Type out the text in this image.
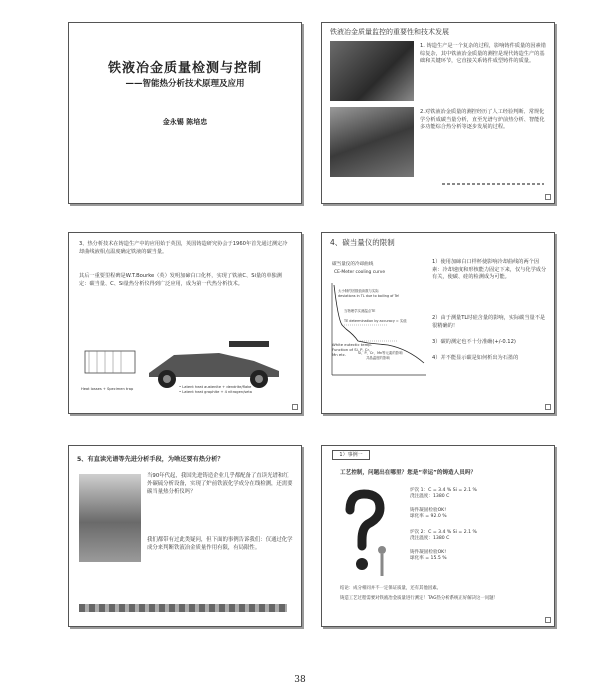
铁液冶金质量检测与控制
——智能热分析技术原理及应用
金永锡 陈培忠
铁液冶金质量监控的重要性和技术发展
1. 铸造生产是一个复杂的过程，影响铸件质量的因素错综复杂，其中铁液冶金质量的测控是现代铸造生产的基础和关键环节，它直接关系铸件成型铸件的质量。
2.对铁液冶金质量的测控经历了人工经验判断、常规化学分析成碳当量分析，直至光谱与炉前热分析、智能化多功能综合热分析等逐步发展的过程。
3、热分析技术在铸造生产中的应用始于英国，英国铸造研究协会于1960年首先通过测定冷却曲线液相点温度确定铁液的碳当量。
其后一重要里程碑是W.T.Bourke（英）发明加碲白口化杯，实现了铁液C、Si量的单独测定：碳当量、C、Si量热分析仪得到广泛应用，成为第一代热分析技术。
Heat losses + Specimen trap	• Latent heat austenite + dendrite/flake
• Latent heat graphite + 4 nitrogen/seta
4、碳当量仪的限制
碳当量仪的冷却曲线
CE-Meter cooling curve
太小制约因数值读数与实际
deviations in TL due to boiling of Te!
当物理学实测温点TE
TE determination by accuracy = 实值
White eutectic temp.
Function of Si, P, Cr,
Mn etc.	Si、P、Cr、Mn等元素的影响
共晶温度的影响
1）使用加碲白口样杯使影响冷却曲线的两个因素：冷却速度和形核能力固定下来，仅与化学成分有关，使碳、硅的检测成为可能。
2）由于测量TL时硅含量的影响，实际碳当量不是很精确的！
3）碳的测定也不十分准确(+/-0.12)
4）并不能显示碳是如何析出为石墨的
5、有直读光谱等先进分析手段，为啥还要有热分析？
当90年代起，我国先进铸造企业几乎都配备了直读光谱和红外碳硫分析设备，实现了炉前铁液化学成分在线检测，还需要碳当量热分析仪吗？
我们都带有过此类疑问，但下面的事例告诉我们：仅通过化学成分来判断铁液冶金质量作用有限，有局限性。
1）事例一
工艺控制，问题出在哪里？您是“幸运”的铸造人员吗？
炉次 1：C = 3.4 % Si = 2.1 %
浇注温度：1380 C
铸件凝固检验OK!
球化率 = 92.0 %
炉次 2：C = 3.4 % Si = 2.1 %
浇注温度：1380 C
铸件凝固检验OK!
球化率 = 15.5 %
结论：成分相同并不一定保证质量，还有其他因素。
铸造工艺过程需要对铁液冶金质量进行测定！TAG热分析系统正好解决这一问题！
38
